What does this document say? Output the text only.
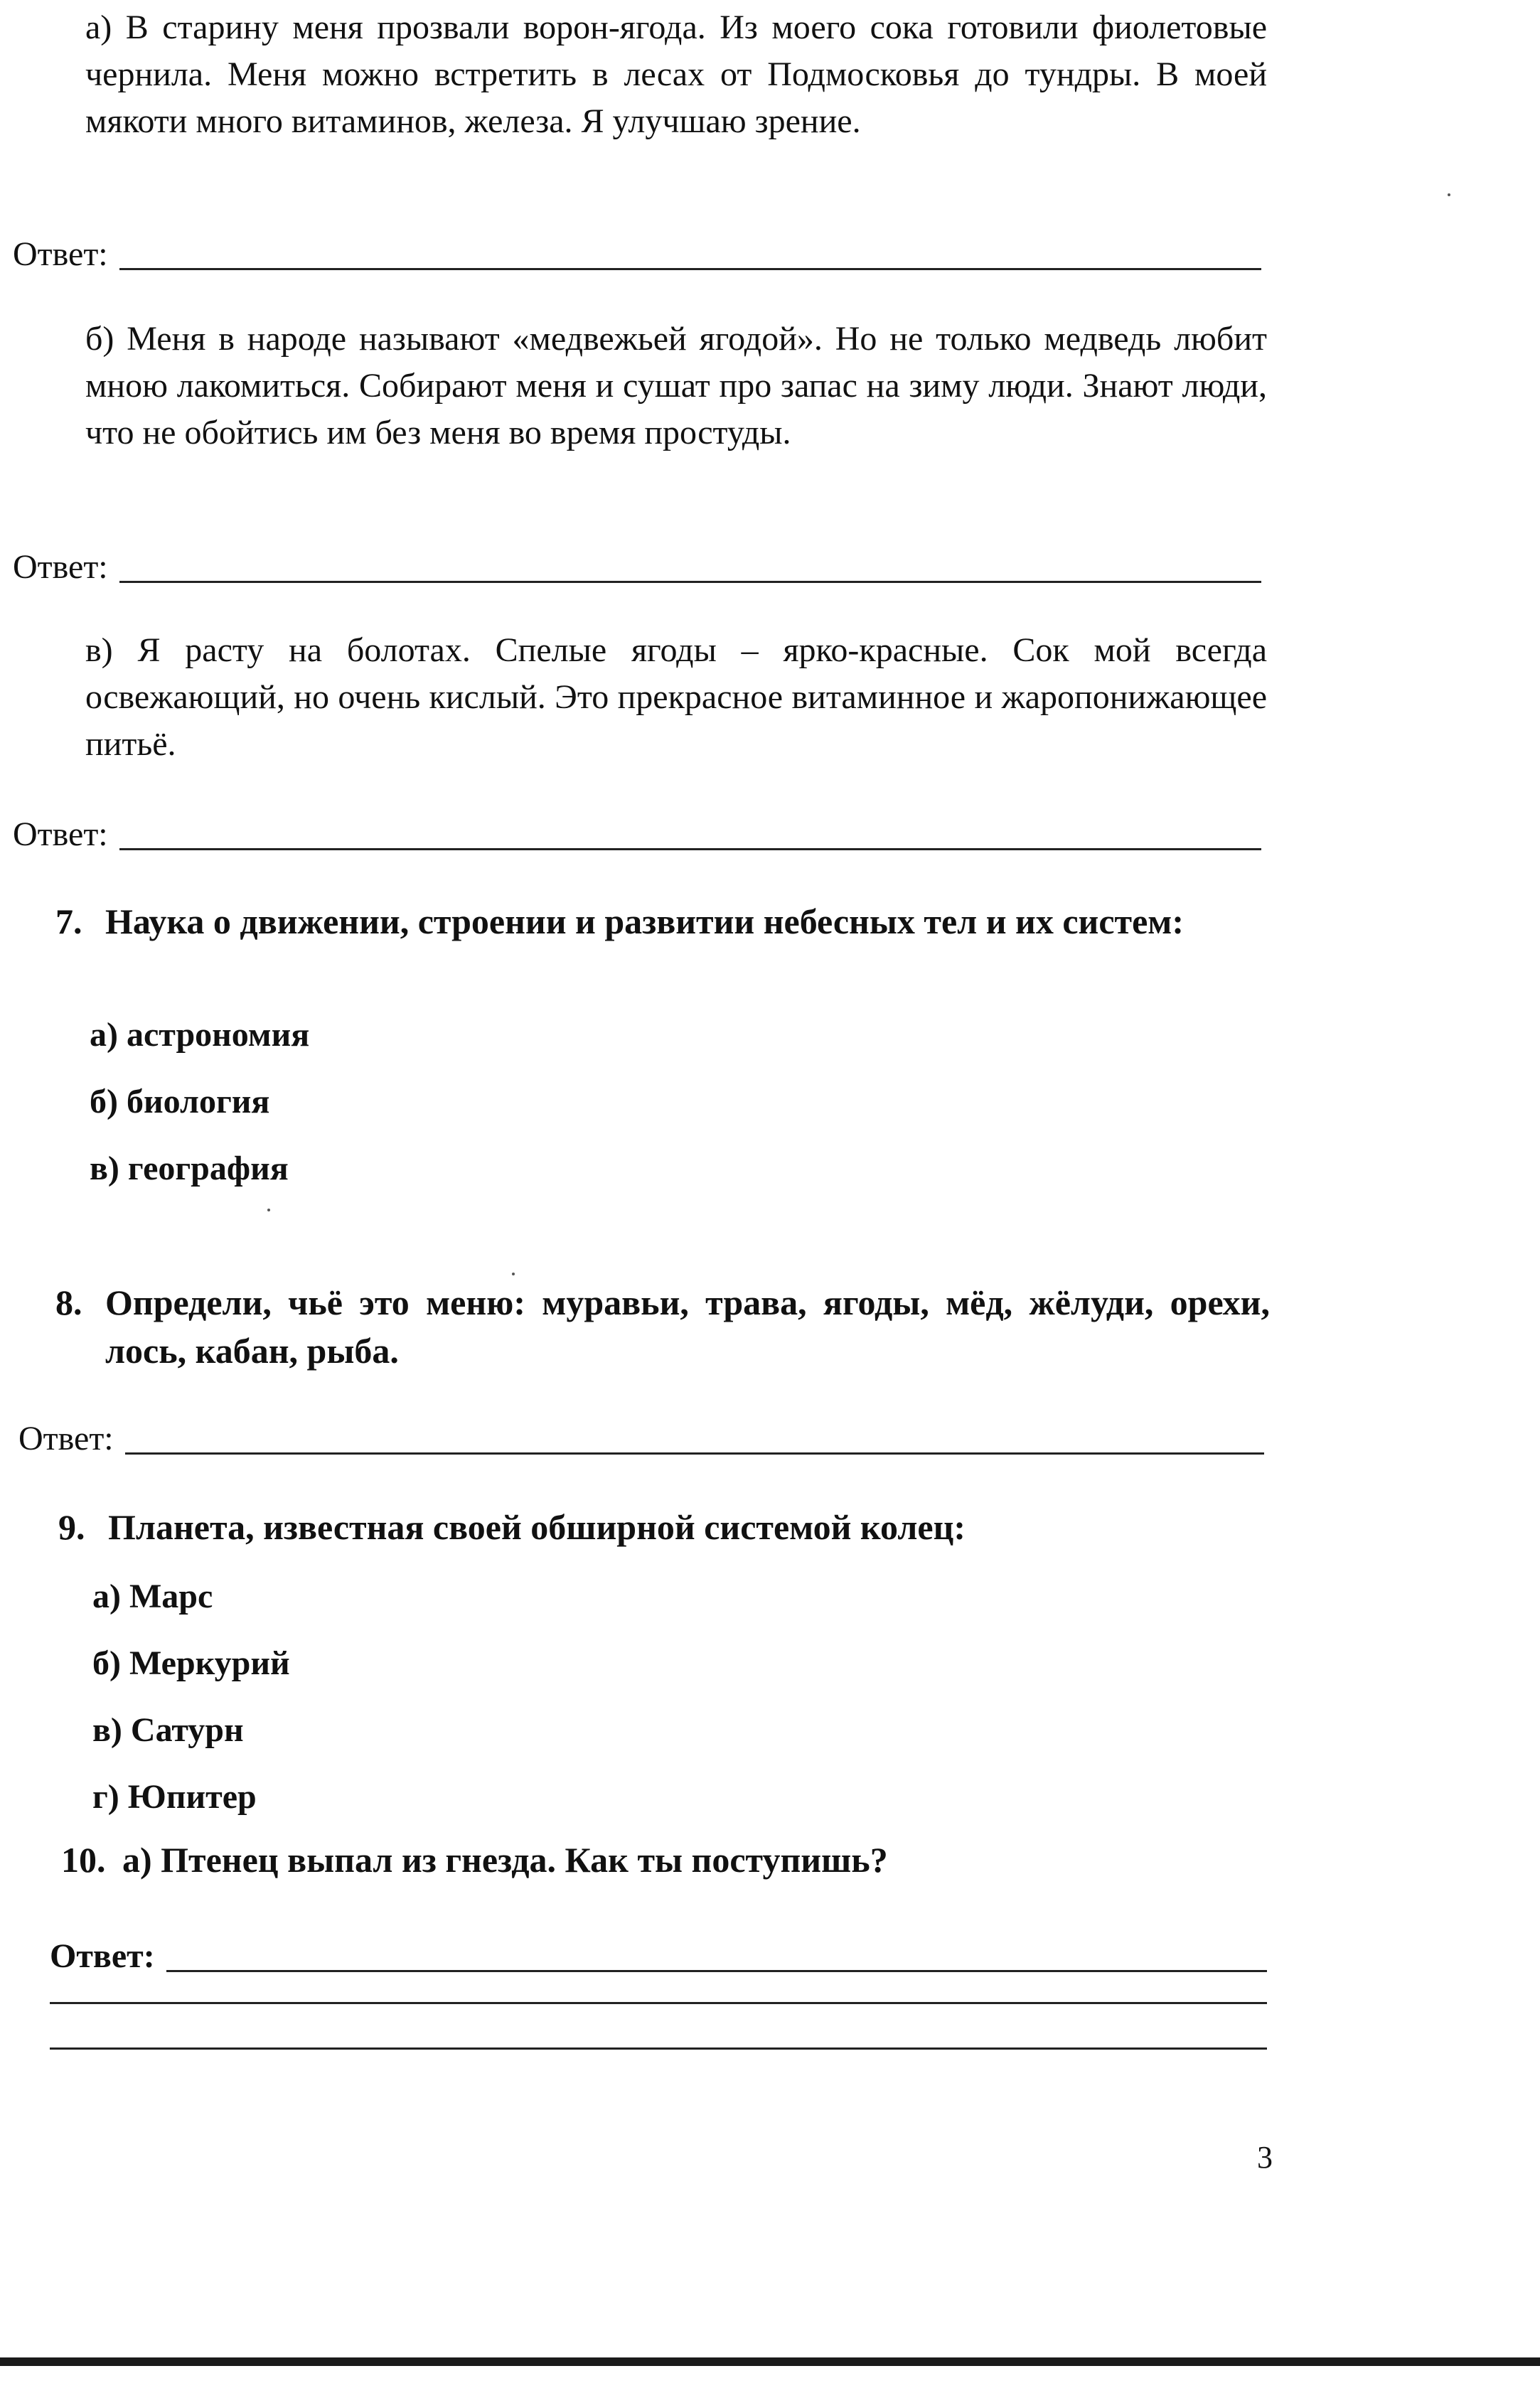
а) В старину меня прозвали ворон-ягода. Из моего сока готовили фиолетовые чернила. Меня можно встретить в лесах от Подмосковья до тундры. В моей мякоти много витаминов, железа. Я улучшаю зрение.
Ответ:
б) Меня в народе называют «медвежьей ягодой». Но не только медведь любит мною лакомиться. Собирают меня и сушат про запас на зиму люди. Знают люди, что не обойтись им без меня во время простуды.
Ответ:
в) Я расту на болотах. Спелые ягоды – ярко-красные. Сок мой всегда освежающий, но очень кислый. Это прекрасное витаминное и жаропонижающее питьё.
Ответ:
7. Наука о движении, строении и развитии небесных тел и их систем:
а) астрономия
б) биология
в) география
8. Определи, чьё это меню: муравьи, трава, ягоды, мёд, жёлуди, орехи, лось, кабан, рыба.
Ответ:
9. Планета, известная своей обширной системой колец:
а) Марс
б) Меркурий
в) Сатурн
г) Юпитер
10. а) Птенец выпал из гнезда. Как ты поступишь?
Ответ:
3
